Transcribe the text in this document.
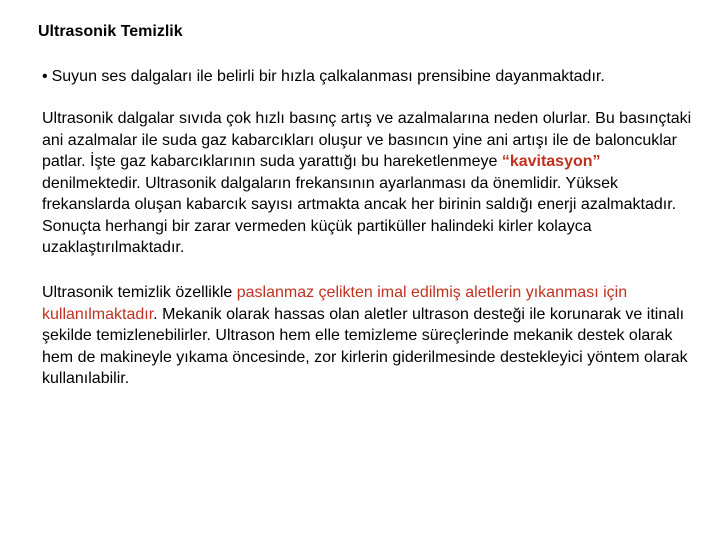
Ultrasonik Temizlik
• Suyun ses dalgaları ile belirli bir hızla çalkalanması prensibine dayanmaktadır.

Ultrasonik dalgalar sıvıda çok hızlı basınç artış ve azalmalarına neden olurlar. Bu basınçtaki ani azalmalar ile suda gaz kabarcıkları oluşur ve basıncın yine ani artışı ile de baloncuklar patlar. İşte gaz kabarcıklarının suda yarattığı bu hareketlenmeye “kavitasyon” denilmektedir. Ultrasonik dalgaların frekansının ayarlanması da önemlidir. Yüksek frekanslarda oluşan kabarcık sayısı artmakta ancak her birinin saldığı enerji azalmaktadır. Sonuçta herhangi bir zarar vermeden küçük partiküller halindeki kirler kolayca uzaklaştırılmaktadır.

Ultrasonik temizlik özellikle paslanmaz çelikten imal edilmiş aletlerin yıkanması için kullanılmaktadır. Mekanik olarak hassas olan aletler ultrason desteği ile korunarak ve itinalı şekilde temizlenebilirler. Ultrason hem elle temizleme süreçlerinde mekanik destek olarak hem de makineyle yıkama öncesinde, zor kirlerin giderilmesinde destekleyici yöntem olarak kullanılabilir.
